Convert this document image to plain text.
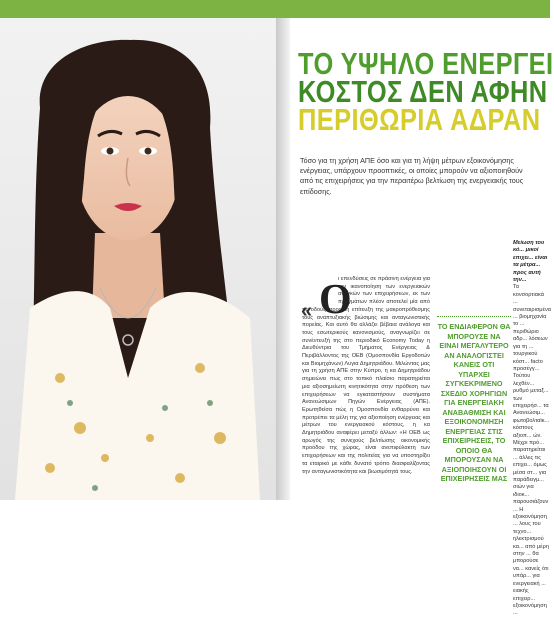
ΤΟ ΥΨΗΛΟ ΕΝΕΡΓΕΙ
ΚΟΣΤΟΣ ΔΕΝ ΑΦΗΝ
ΠΕΡΙΘΩΡΙΑ ΑΔΡΑΝ
Τόσο για τη χρήση ΑΠΕ όσο και για τη λήψη μέτρων εξοικονόμησης ενέργειας, υπάρχουν προοπτικές, οι οποίες μπορούν να αξιοποιηθούν από τις επιχειρήσεις για την περαιτέρω βελτίωση της ενεργειακής τους επίδοσης.
«
ι επενδύσεις σε πράσινη ενέργεια για την ικανοποίηση των ενεργειακών αναγκών των επιχειρήσεων, εκ των πραγμάτων πλέον αποτελεί μία από τις οδούς προς τη επίτευξη της μακροπρόθεσμης τους αναπτυξιακής βιώσιμης και ανταγωνιστικής πορείας. Και αυτό θα αλλάζει βέβαια ανάλογα και τους εσωτερικούς κανονισμούς, αναγνωρίζει σε συνέντευξή της στο περιοδικό Economy Today η Διευθύντρια του Τμήματος Ενέργειας & Περιβάλλοντος της ΟΕΒ (Ομοσπονδία Εργοδοτών και Βιομηχάνων) Λυγια Δημητριάδου. Μιλώντας μας για τη χρήση ΑΠΕ στην Κύπρο, η κα Δημητριάδου σημειώνει πως στο τοπικό πλαίσιο παρατηρείται μια αξιοσημείωτη κινητικότητα στην πρόθεση των επιχειρήσεων να εγκαταστήσουν συστήματα Ανανεώσιμων Πηγών Ενέργειας (ΑΠΕ). Ερωτηθείσα πώς η Ομοσπονδία ενθαρρύνει και προτρέπει τα μέλη της για αξιοποίηση ενέργειας και μέτρων του ενεργειακού κόστους, η κα Δημητριάδου αναφέρει μεταξύ άλλων: «Η ΟΕΒ ως αρωγός της συνεχούς βελτίωσης οικονομικής προόδου της χώρας, είναι ανεπιφύλακτη των επιχειρήσεων και της πολιτείας για να υποστηρίξει τα εταιρικό με κάθε δυνατό τρόπο διασφαλίζοντας την ανταγωνιστικότητα και βιωσιμότητά τους.
Ο
ΤΟ ΕΝΔΙΑΦΕΡΟΝ ΘΑ ΜΠΟΡΟΥΣΕ ΝΑ ΕΙΝΑΙ ΜΕΓΑΛΥΤΕΡΟ ΑΝ ΑΝΑΛΟΓΙΣΤΕΙ ΚΑΝΕΙΣ ΟΤΙ ΥΠΑΡΧΕΙ ΣΥΓΚΕΚΡΙΜΕΝΟ ΣΧΕΔΙΟ ΧΟΡΗΓΙΩΝ ΓΙΑ ΕΝΕΡΓΕΙΑΚΗ ΑΝΑΒΑΘΜΙΣΗ ΚΑΙ ΕΞΟΙΚΟΝΟΜΗΣΗ ΕΝΕΡΓΕΙΑΣ ΣΤΙΣ ΕΠΙΧΕΙΡΗΣΕΙΣ, ΤΟ ΟΠΟΙΟ ΘΑ ΜΠΟΡΟΥΣΑΝ ΝΑ ΑΞΙΟΠΟΙΗΣΟΥΝ ΟΙ ΕΠΙΧΕΙΡΗΣΕΙΣ ΜΑΣ
Μείωση του κό... μικοί επιχει... είναι τα μέτρα... προς αυτή την...
Τα κονσορτιακά ... συνεταιρισμένα ... βιομηχανία το ... περιθώριο αδρ... λόσεων για τη ... τουργικού κόστ... facto προσέγγ... Τούτου λεχθέν... ρυθμό μεταξ... των επιχειρήσ... τα Ανανεώσιμ... φωτοβολταϊκ... κόστους αξιοπ... ών. Μέχρι πρό... παρατηρείται ... άλλες τις επιχει... όμως μέσα στ... για παράδειγμ... σιών για ιδιοκ... παρουσιάζουν ... Η εξοικονόμηση ... λους του τεχνο... ηλεκτρισμού κα... από μέρη στην ... θα μπορούσε να... κανείς ότι υπάρ... για ενεργειακή ... ειακής επιχειρ... εξοικονόμηση ...
